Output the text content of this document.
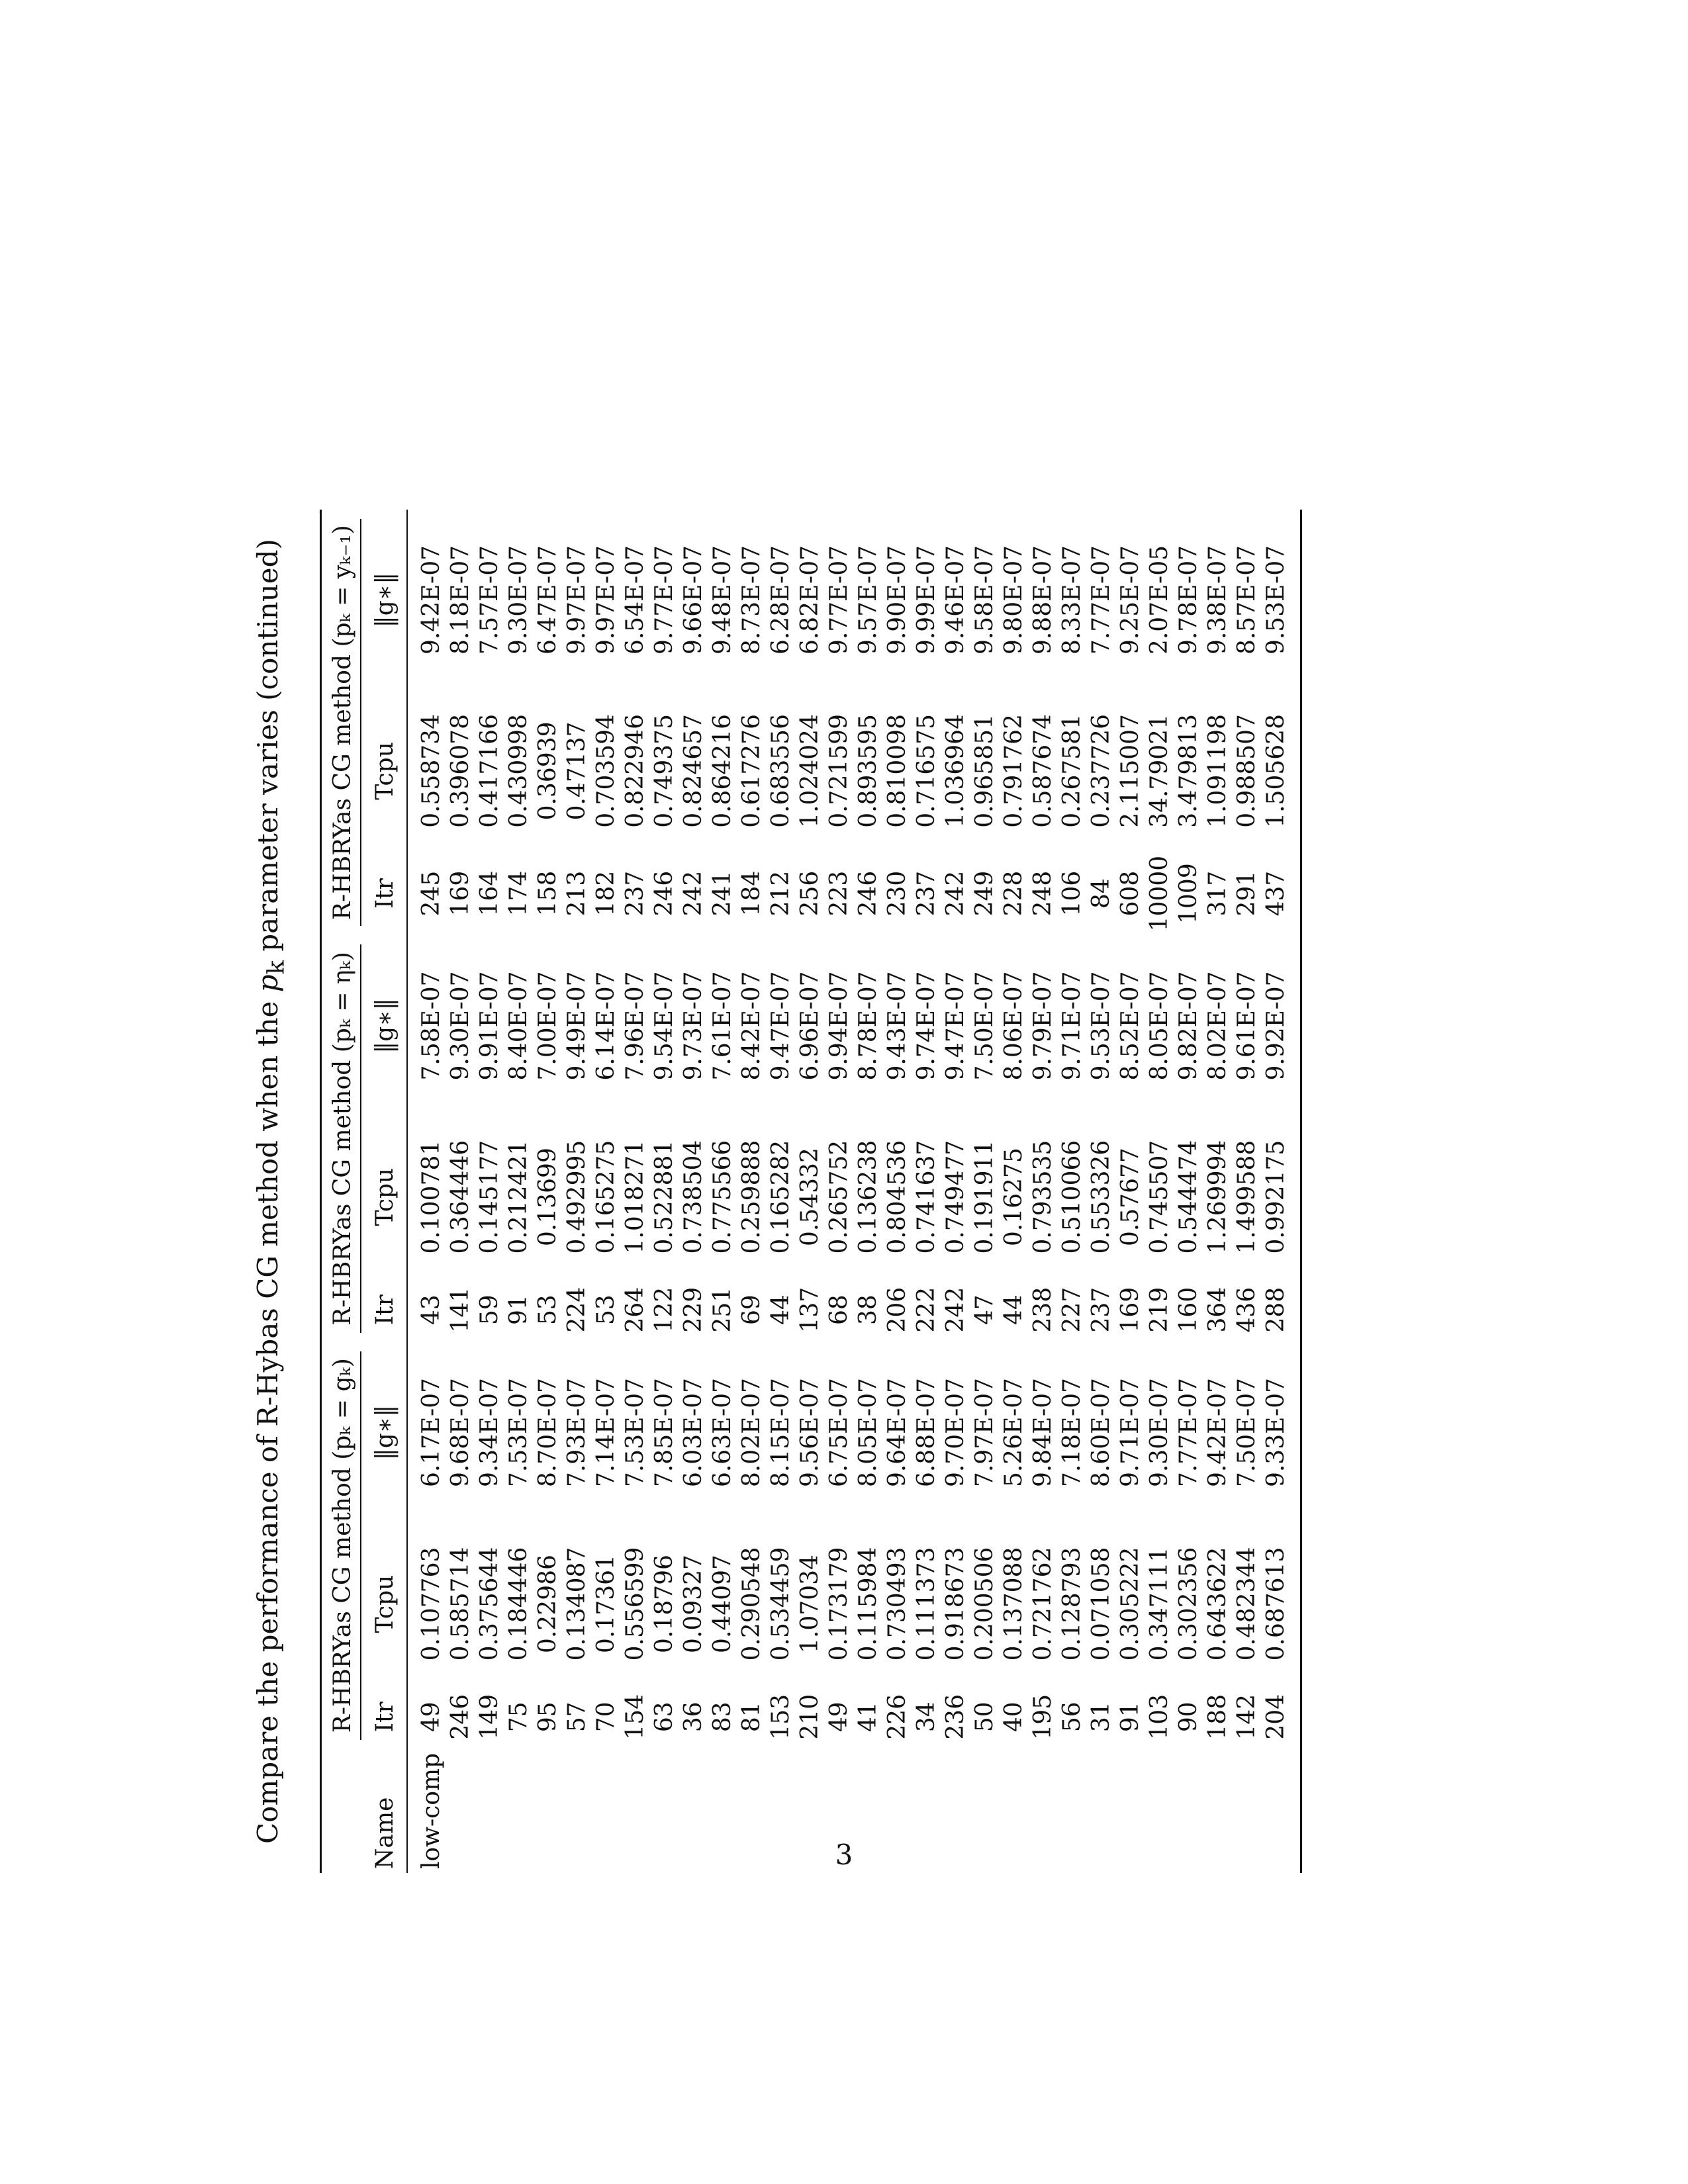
Compare the performance of R-Hybas CG method when the $p_k$ parameter varies (continued)
	R-HBRYas CG method (pₖ = gₖ)			R-HBRYas CG method (pₖ = ηₖ)			R-HBRYas CG method (pₖ = yₖ₋₁)		

Name	Itr	Tcpu	‖g∗‖	Itr	Tcpu	‖g∗‖	Itr	Tcpu	‖g∗‖
low-comp	49	0.107763	6.17E-07	43	0.100781	7.58E-07	245	0.558734	9.42E-07
	246	0.585714	9.68E-07	141	0.364446	9.30E-07	169	0.396078	8.18E-07
	149	0.375644	9.34E-07	59	0.145177	9.91E-07	164	0.417166	7.57E-07
	75	0.184446	7.53E-07	91	0.212421	8.40E-07	174	0.430998	9.30E-07
	95	0.22986	8.70E-07	53	0.13699	7.00E-07	158	0.36939	6.47E-07
	57	0.134087	7.93E-07	224	0.492995	9.49E-07	213	0.47137	9.97E-07
	70	0.17361	7.14E-07	53	0.165275	6.14E-07	182	0.703594	9.97E-07
	154	0.556599	7.53E-07	264	1.018271	7.96E-07	237	0.822946	6.54E-07
	63	0.18796	7.85E-07	122	0.522881	9.54E-07	246	0.749375	9.77E-07
	36	0.09327	6.03E-07	229	0.738504	9.73E-07	242	0.824657	9.66E-07
	83	0.44097	6.63E-07	251	0.775566	7.61E-07	241	0.864216	9.48E-07
	81	0.290548	8.02E-07	69	0.259888	8.42E-07	184	0.617276	8.73E-07
	153	0.534459	8.15E-07	44	0.165282	9.47E-07	212	0.683556	6.28E-07
	210	1.07034	9.56E-07	137	0.54332	6.96E-07	256	1.024024	6.82E-07
	49	0.173179	6.75E-07	68	0.265752	9.94E-07	223	0.721599	9.77E-07
	41	0.115984	8.05E-07	38	0.136238	8.78E-07	246	0.893595	9.57E-07
	226	0.730493	9.64E-07	206	0.804536	9.43E-07	230	0.810098	9.90E-07
	34	0.111373	6.88E-07	222	0.741637	9.74E-07	237	0.716575	9.99E-07
	236	0.918673	9.70E-07	242	0.749477	9.47E-07	242	1.036964	9.46E-07
	50	0.200506	7.97E-07	47	0.191911	7.50E-07	249	0.965851	9.58E-07
	40	0.137088	5.26E-07	44	0.16275	8.06E-07	228	0.791762	9.80E-07
	195	0.721762	9.84E-07	238	0.793535	9.79E-07	248	0.587674	9.88E-07
	56	0.128793	7.18E-07	227	0.510066	9.71E-07	106	0.267581	8.33E-07
	31	0.071058	8.60E-07	237	0.553326	9.53E-07	84	0.237726	7.77E-07
	91	0.305222	9.71E-07	169	0.57677	8.52E-07	608	2.115007	9.25E-07
	103	0.347111	9.30E-07	219	0.745507	8.05E-07	10000	34.79021	2.07E-05
	90	0.302356	7.77E-07	160	0.544474	9.82E-07	1009	3.479813	9.78E-07
	188	0.643622	9.42E-07	364	1.269994	8.02E-07	317	1.091198	9.38E-07
	142	0.482344	7.50E-07	436	1.499588	9.61E-07	291	0.988507	8.57E-07
	204	0.687613	9.33E-07	288	0.992175	9.92E-07	437	1.505628	9.53E-07
3
